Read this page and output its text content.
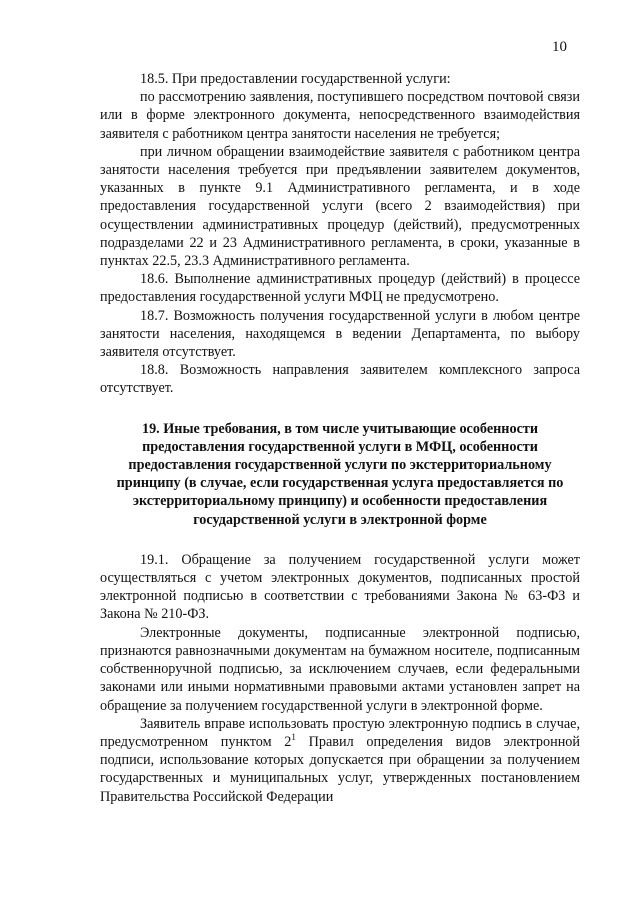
10

18.5. При предоставлении государственной услуги:

по рассмотрению заявления, поступившего посредством почтовой связи или в форме электронного документа, непосредственного взаимодействия заявителя с работником центра занятости населения не требуется;

при личном обращении взаимодействие заявителя с работником центра занятости населения требуется при предъявлении заявителем документов, указанных в пункте 9.1 Административного регламента, и в ходе предоставления государственной услуги (всего 2 взаимодействия) при осуществлении административных процедур (действий), предусмотренных подразделами 22 и 23 Административного регламента, в сроки, указанные в пунктах 22.5, 23.3 Административного регламента.

18.6. Выполнение административных процедур (действий) в процессе предоставления государственной услуги МФЦ не предусмотрено.

18.7. Возможность получения государственной услуги в любом центре занятости населения, находящемся в ведении Департамента, по выбору заявителя отсутствует.

18.8. Возможность направления заявителем комплексного запроса отсутствует.

19. Иные требования, в том числе учитывающие особенности предоставления государственной услуги в МФЦ, особенности предоставления государственной услуги по экстерриториальному принципу (в случае, если государственная услуга предоставляется по экстерриториальному принципу) и особенности предоставления государственной услуги в электронной форме

19.1. Обращение за получением государственной услуги может осуществляться с учетом электронных документов, подписанных простой электронной подписью в соответствии с требованиями Закона № 63-ФЗ и Закона № 210-ФЗ.

Электронные документы, подписанные электронной подписью, признаются равнозначными документам на бумажном носителе, подписанным собственноручной подписью, за исключением случаев, если федеральными законами или иными нормативными правовыми актами установлен запрет на обращение за получением государственной услуги в электронной форме.

Заявитель вправе использовать простую электронную подпись в случае, предусмотренном пунктом $2^1$ Правил определения видов электронной подписи, использование которых допускается при обращении за получением государственных и муниципальных услуг, утвержденных постановлением Правительства Российской Федерации
